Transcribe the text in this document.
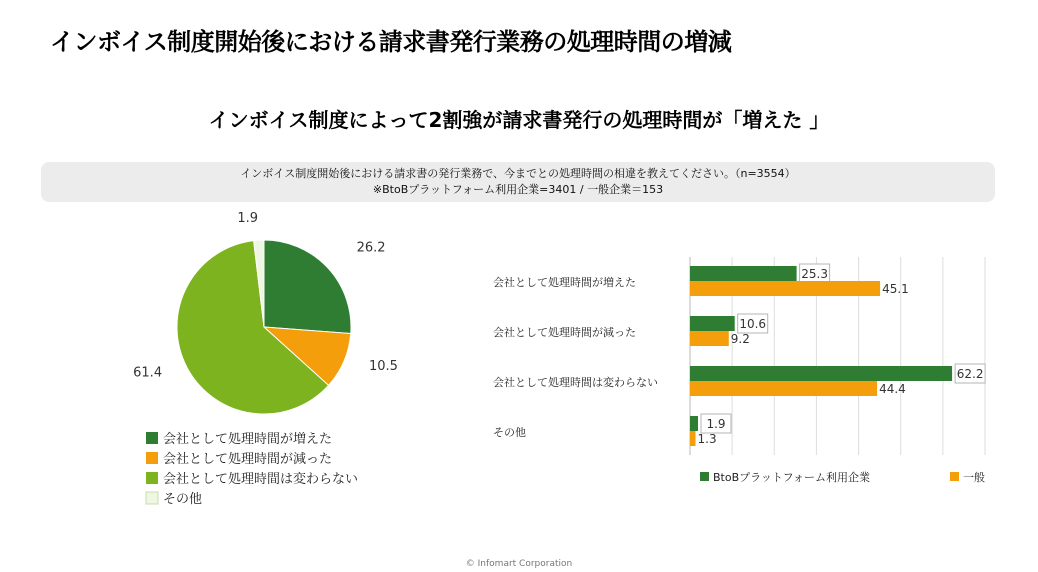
インボイス制度開始後における請求書発行業務の処理時間の増減
インボイス制度によって2割強が請求書発行の処理時間が「増えた 」
インボイス制度開始後における請求書の発行業務で、今までとの処理時間の相違を教えてください。（n=3554）
※BtoBプラットフォーム利用企業=3401 / 一般企業＝153
26.2
10.5
61.4
1.9
会社として処理時間が増えた
会社として処理時間が減った
会社として処理時間は変わらない
その他
会社として処理時間が増えた
25.3
45.1
会社として処理時間が減った
10.6
9.2
会社として処理時間は変わらない
62.2
44.4
その他
1.9
1.3
BtoBプラットフォーム利用企業	一般
© Infomart Corporation
